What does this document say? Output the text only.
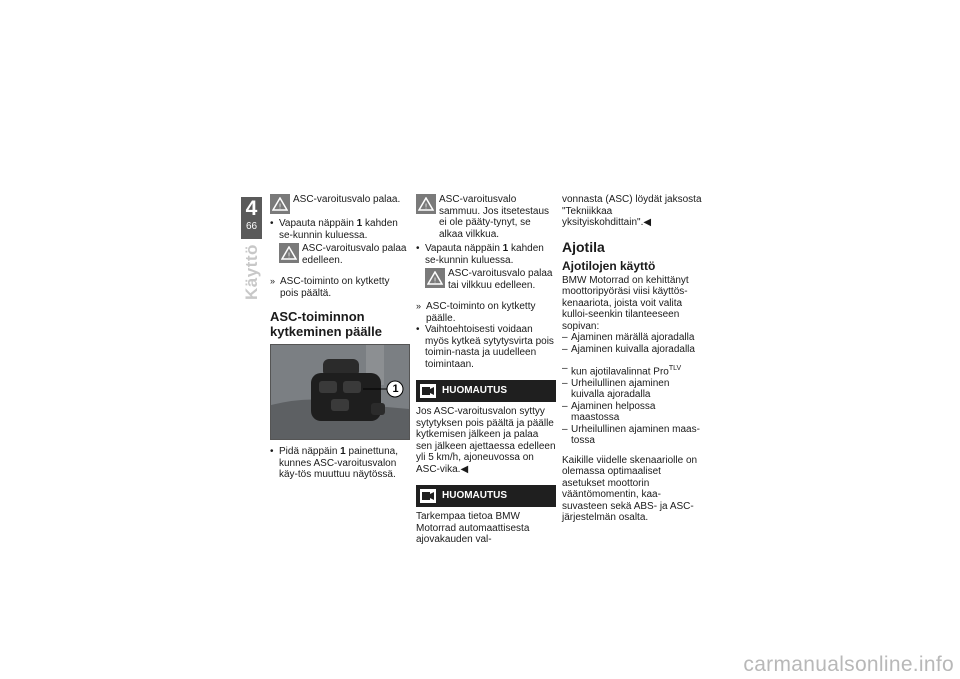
4
66
Käyttö
!
ASC-varoitusvalo palaa.
• Vapauta näppäin 1 kahden se-kunnin kuluessa.
!
ASC-varoitusvalo palaa edelleen.
» ASC-toiminto on kytketty pois päältä.
ASC-toiminnon kytkeminen päälle
1
• Pidä näppäin 1 painettuna, kunnes ASC-varoitusvalon käy-tös muuttuu näytössä.
!
ASC-varoitusvalo sammuu. Jos itsetestaus ei ole pääty-tynyt, se alkaa vilkkua.
• Vapauta näppäin 1 kahden se-kunnin kuluessa.
!
ASC-varoitusvalo palaa tai vilkkuu edelleen.
» ASC-toiminto on kytketty päälle.
• Vaihtoehtoisesti voidaan myös kytkeä sytytysvirta pois toimin-nasta ja uudelleen toimintaan.
HUOMAUTUS

Jos ASC-varoitusvalon syttyy sytytyksen pois päältä ja päälle kytkemisen jälkeen ja palaa sen jälkeen ajettaessa edelleen yli 5 km/h, ajoneuvossa on ASC-vika.◀

HUOMAUTUS

Tarkempaa tietoa BMW Motorrad automaattisesta ajovakauden val-

vonnasta (ASC) löydät jaksosta "Tekniikkaa yksityiskohdittain".◀

Ajotila
Ajotilojen käyttö

BMW Motorrad on kehittänyt moottoripyöräsi viisi käyttös-kenaariota, joista voit valita kulloi-seenkin tilanteeseen sopivan:

– Ajaminen märällä ajoradalla
– Ajaminen kuivalla ajoradalla
– kun ajotilavalinnat Pro$^{TLV}$
– Urheilullinen ajaminen kuivalla ajoradalla
– Ajaminen helpossa maastossa
– Urheilullinen ajaminen maas-tossa

Kaikille viidelle skenaariolle on olemassa optimaaliset asetukset moottorin vääntömomentin, kaa-suvasteen sekä ABS- ja ASC-järjestelmän osalta.

carmanualsonline.info
